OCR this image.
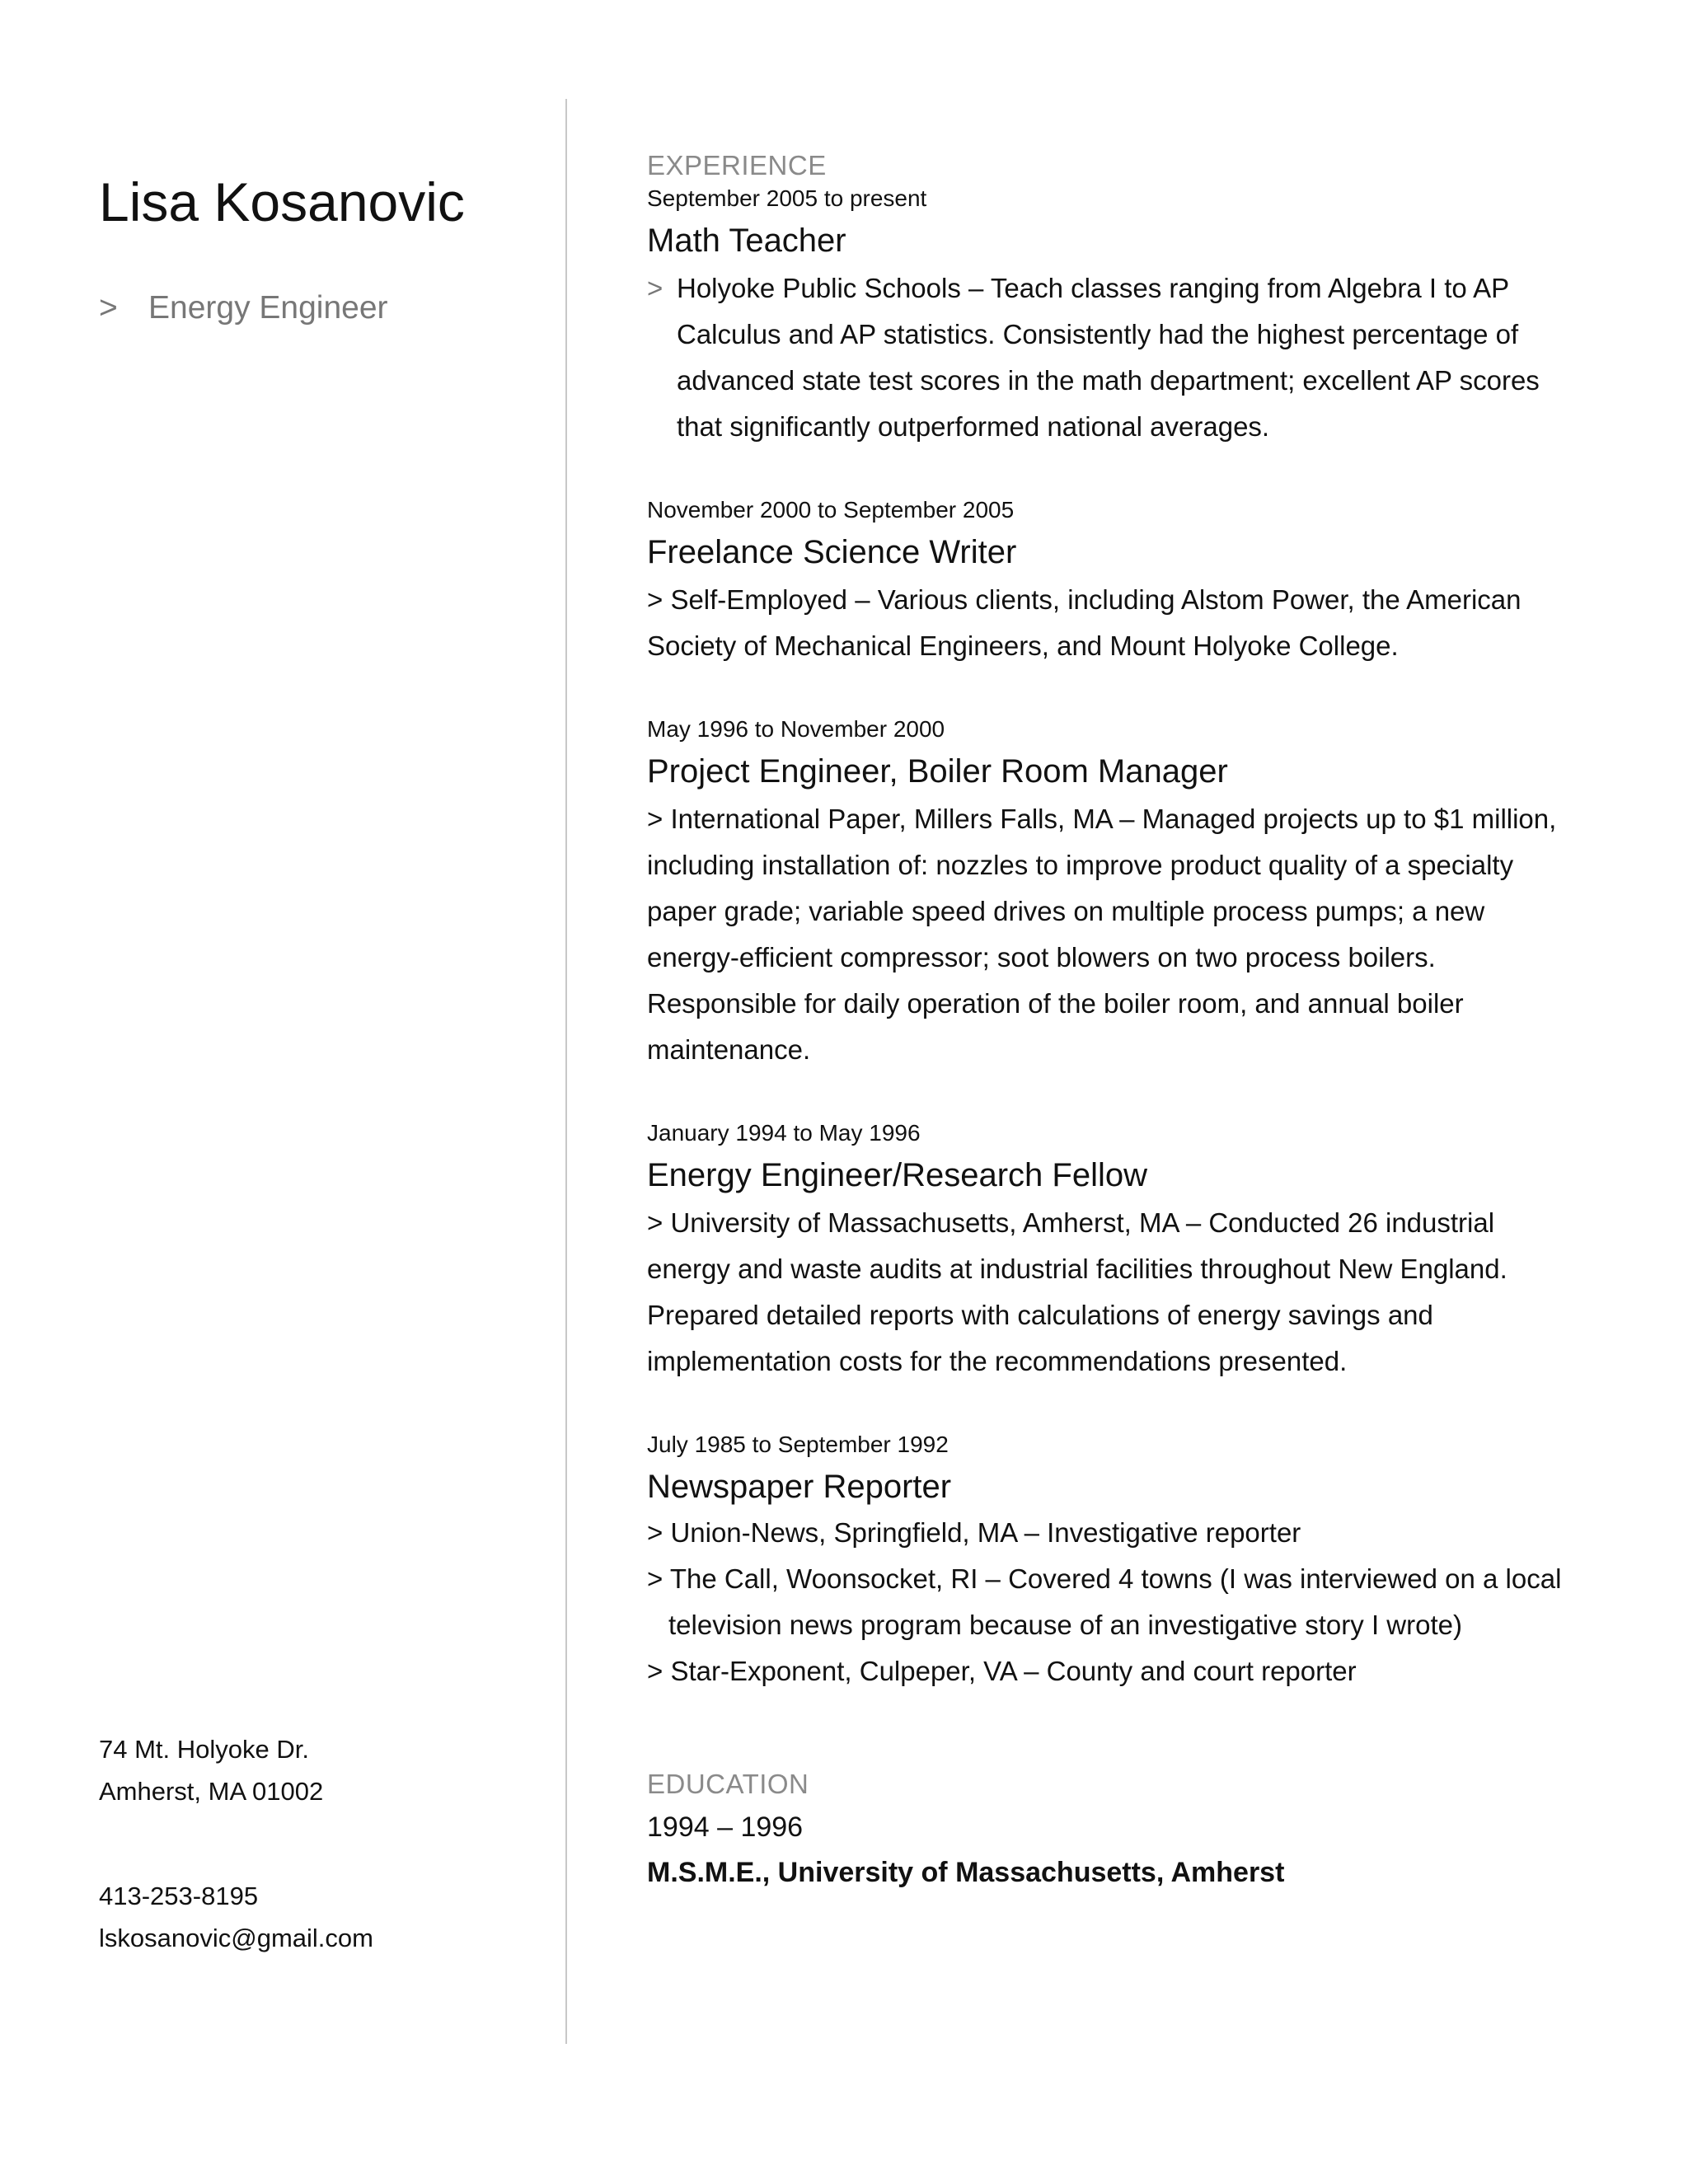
Lisa Kosanovic
> Energy Engineer
74 Mt. Holyoke Dr.
Amherst, MA 01002
413-253-8195
lskosanovic@gmail.com
EXPERIENCE
September 2005 to present
Math Teacher
> Holyoke Public Schools – Teach classes ranging from Algebra I to AP Calculus and AP statistics. Consistently had the highest percentage of advanced state test scores in the math department; excellent AP scores that significantly outperformed national averages.
November 2000 to September 2005
Freelance Science Writer
> Self-Employed – Various clients, including Alstom Power, the American Society of Mechanical Engineers, and Mount Holyoke College.
May 1996 to November 2000
Project Engineer, Boiler Room Manager
> International Paper, Millers Falls, MA – Managed projects up to $1 million, including installation of: nozzles to improve product quality of a specialty paper grade; variable speed drives on multiple process pumps; a new energy-efficient compressor; soot blowers on two process boilers. Responsible for daily operation of the boiler room, and annual boiler maintenance.
January 1994 to May 1996
Energy Engineer/Research Fellow
> University of Massachusetts, Amherst, MA – Conducted 26 industrial energy and waste audits at industrial facilities throughout New England. Prepared detailed reports with calculations of energy savings and implementation costs for the recommendations presented.
July 1985 to September 1992
Newspaper Reporter
> Union-News, Springfield, MA – Investigative reporter
> The Call, Woonsocket, RI – Covered 4 towns (I was interviewed on a local television news program because of an investigative story I wrote)
> Star-Exponent, Culpeper, VA – County and court reporter
EDUCATION
1994 – 1996
M.S.M.E., University of Massachusetts, Amherst
